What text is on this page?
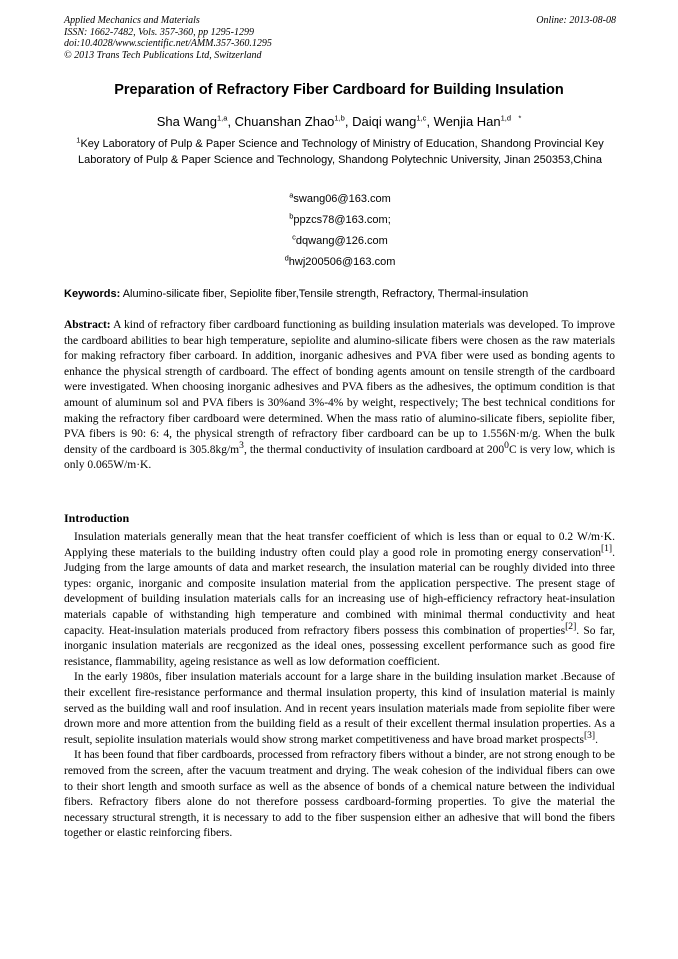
Applied Mechanics and Materials
ISSN: 1662-7482, Vols. 357-360, pp 1295-1299
doi:10.4028/www.scientific.net/AMM.357-360.1295
© 2013 Trans Tech Publications Ltd, Switzerland
Online: 2013-08-08
Preparation of Refractory Fiber Cardboard for Building Insulation
Sha Wang$^{1,a}$, Chuanshan Zhao$^{1,b}$, Daiqi wang$^{1,c}$, Wenjia Han$^{1,d}$ *
$^1$Key Laboratory of Pulp & Paper Science and Technology of Ministry of Education, Shandong Provincial Key Laboratory of Pulp & Paper Science and Technology, Shandong Polytechnic University, Jinan 250353,China
$^a$swang06@163.com
$^b$ppzcs78@163.com;
$^c$dqwang@126.com
$^d$hwj200506@163.com
Keywords: Alumino-silicate fiber, Sepiolite fiber,Tensile strength, Refractory, Thermal-insulation
Abstract: A kind of refractory fiber cardboard functioning as building insulation materials was developed. To improve the cardboard abilities to bear high temperature, sepiolite and alumino-silicate fibers were chosen as the raw materials for making refractory fiber carboard. In addition, inorganic adhesives and PVA fiber were used as bonding agents to enhance the physical strength of cardboard. The effect of bonding agents amount on tensile strength of the cardboard were investigated. When choosing inorganic adhesives and PVA fibers as the adhesives, the optimum condition is that amount of aluminum sol and PVA fibers is 30%and 3%-4% by weight, respectively; The best technical conditions for making the refractory fiber cardboard were determined. When the mass ratio of alumino-silicate fibers, sepiolite fiber, PVA fibers is 90: 6: 4, the physical strength of refractory fiber cardboard can be up to 1.556N·m/g. When the bulk density of the cardboard is $305.8kg/m^3$, the thermal conductivity of insulation cardboard at $200^0C$ is very low, which is only 0.065W/m·K.
Introduction

Insulation materials generally mean that the heat transfer coefficient of which is less than or equal to 0.2 W/m·K. Applying these materials to the building industry often could play a good role in promoting energy conservation[1]. Judging from the large amounts of data and market research, the insulation material can be roughly divided into three types: organic, inorganic and composite insulation material from the application perspective. The present stage of development of building insulation materials calls for an increasing use of high-efficiency refractory heat-insulation materials capable of withstanding high temperature and combined with minimal thermal conductivity and heat capacity. Heat-insulation materials produced from refractory fibers possess this combination of properties[2]. So far, inorganic insulation materials are recgonized as the ideal ones, possessing excellent performance such as good fire resistance, flammability, ageing resistance as well as low deformation coefficient.

In the early 1980s, fiber insulation materials account for a large share in the building insulation market .Because of their excellent fire-resistance performance and thermal insulation property, this kind of insulation material is mainly served as the building wall and roof insulation. And in recent years insulation materials made from sepiolite fiber were drown more and more attention from the building field as a result of their excellent thermal insulation properties. As a result, sepiolite insulation materials would show strong market competitiveness and have broad market prospects[3].

It has been found that fiber cardboards, processed from refractory fibers without a binder, are not strong enough to be removed from the screen, after the vacuum treatment and drying. The weak cohesion of the individual fibers can owe to their short length and smooth surface as well as the absence of bonds of a chemical nature between the individual fibers. Refractory fibers alone do not therefore possess cardboard-forming properties. To give the material the necessary structural strength, it is necessary to add to the fiber suspension either an adhesive that will bond the fibers together or elastic reinforcing fibers.
